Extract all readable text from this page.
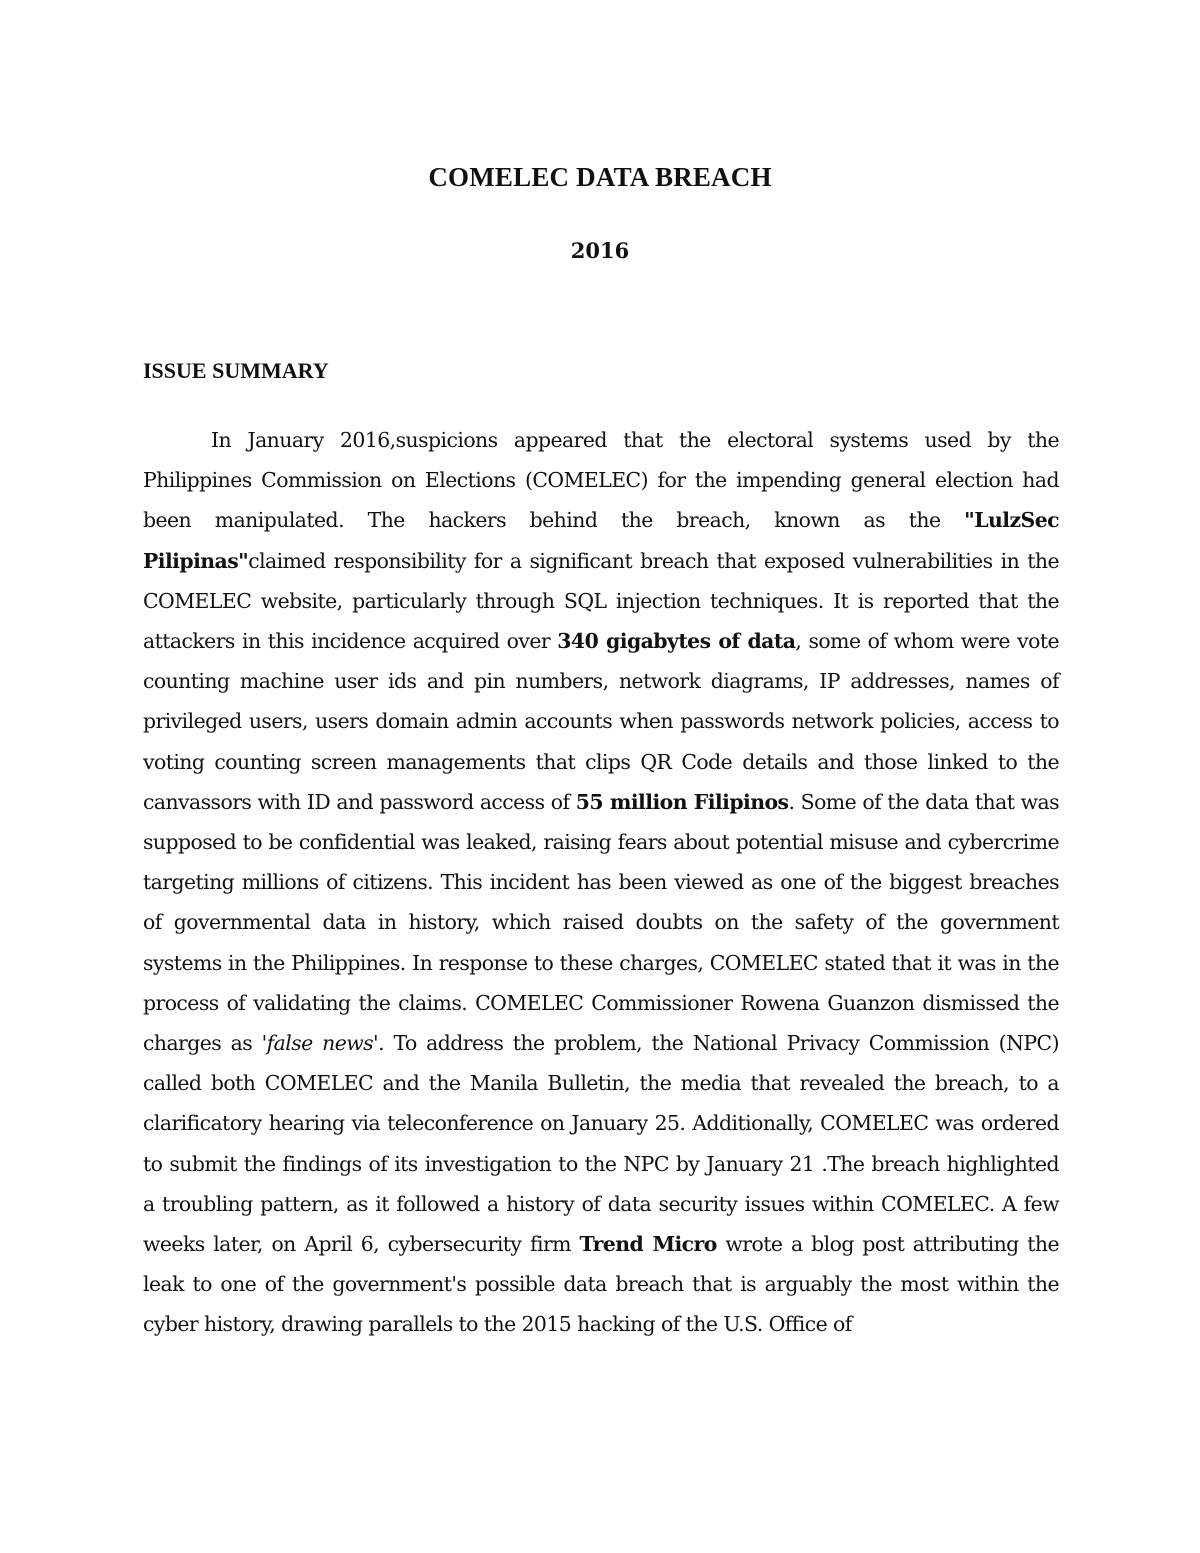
COMELEC DATA BREACH
2016
ISSUE SUMMARY

In January 2016,suspicions appeared that the electoral systems used by the Philippines Commission on Elections (COMELEC) for the impending general election had been manipulated. The hackers behind the breach, known as the "LulzSec Pilipinas"claimed responsibility for a significant breach that exposed vulnerabilities in the COMELEC website, particularly through SQL injection techniques. It is reported that the attackers in this incidence acquired over 340 gigabytes of data, some of whom were vote counting machine user ids and pin numbers, network diagrams, IP addresses, names of privileged users, users domain admin accounts when passwords network policies, access to voting counting screen managements that clips QR Code details and those linked to the canvassors with ID and password access of 55 million Filipinos. Some of the data that was supposed to be confidential was leaked, raising fears about potential misuse and cybercrime targeting millions of citizens. This incident has been viewed as one of the biggest breaches of governmental data in history, which raised doubts on the safety of the government systems in the Philippines. In response to these charges, COMELEC stated that it was in the process of validating the claims. COMELEC Commissioner Rowena Guanzon dismissed the charges as 'false news'. To address the problem, the National Privacy Commission (NPC) called both COMELEC and the Manila Bulletin, the media that revealed the breach, to a clarificatory hearing via teleconference on January 25. Additionally, COMELEC was ordered to submit the findings of its investigation to the NPC by January 21 .The breach highlighted a troubling pattern, as it followed a history of data security issues within COMELEC. A few weeks later, on April 6, cybersecurity firm Trend Micro wrote a blog post attributing the leak to one of the government's possible data breach that is arguably the most within the cyber history, drawing parallels to the 2015 hacking of the U.S. Office of
